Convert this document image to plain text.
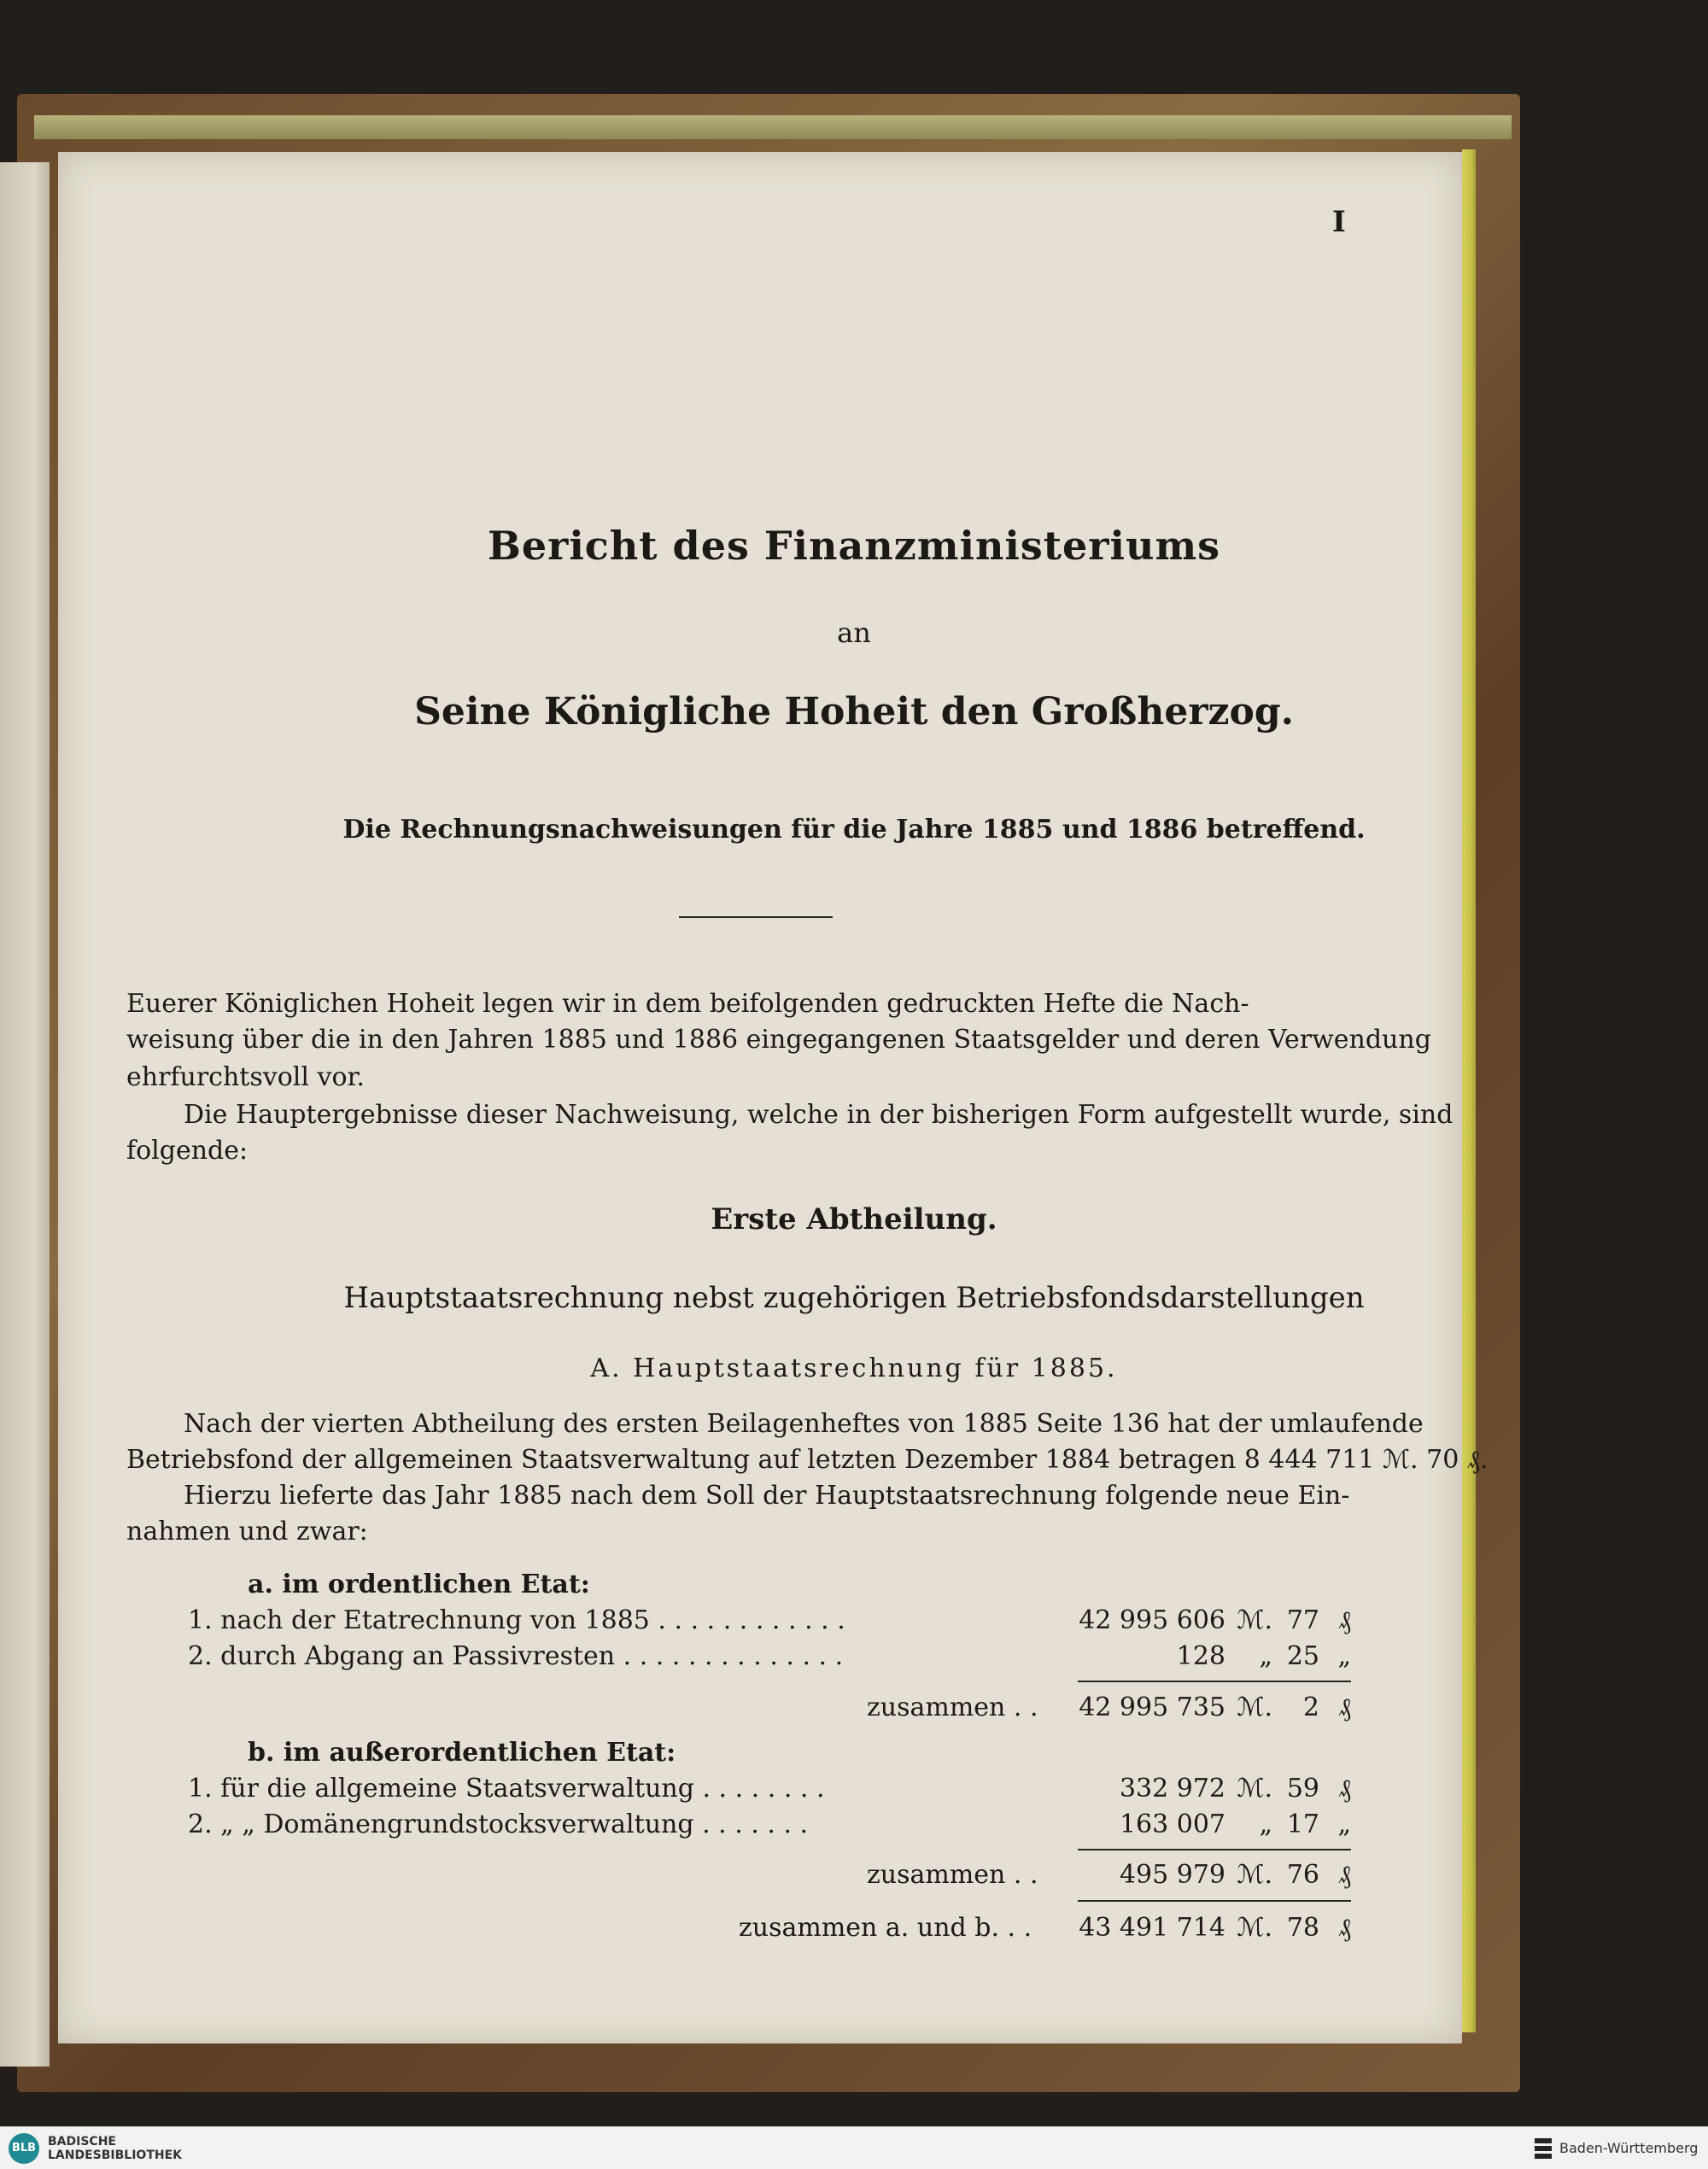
I
Bericht des Finanzministeriums
an
Seine Königliche Hoheit den Großherzog.
Die Rechnungsnachweisungen für die Jahre 1885 und 1886 betreffend.
Euerer Königlichen Hoheit legen wir in dem beifolgenden gedruckten Hefte die Nach-
weisung über die in den Jahren 1885 und 1886 eingegangenen Staatsgelder und deren Verwendung
ehrfurchtsvoll vor.
Die Hauptergebnisse dieser Nachweisung, welche in der bisherigen Form aufgestellt wurde, sind
folgende:
Erste Abtheilung.
Hauptstaatsrechnung nebst zugehörigen Betriebsfondsdarstellungen
A. Hauptstaatsrechnung für 1885.
Nach der vierten Abtheilung des ersten Beilagenheftes von 1885 Seite 136 hat der umlaufende
Betriebsfond der allgemeinen Staatsverwaltung auf letzten Dezember 1884 betragen 8 444 711 ℳ. 70 ₰.
Hierzu lieferte das Jahr 1885 nach dem Soll der Hauptstaatsrechnung folgende neue Ein-
nahmen und zwar:
a. im ordentlichen Etat:
1. nach der Etatrechnung von 1885 . . . . . . . . . . . .	42 995 606 ℳ. 77 ₰
2. durch Abgang an Passivresten . . . . . . . . . . . . . .	128	„ 25 „
zusammen . .	42 995 735 ℳ.	2 ₰
b. im außerordentlichen Etat:
1. für die allgemeine Staatsverwaltung . . . . . . . .	332 972 ℳ. 59 ₰
2. „ „ Domänengrundstocksverwaltung . . . . . . .	163 007	„ 17 „
zusammen . .	495 979 ℳ. 76 ₰
zusammen a. und b. . .	43 491 714 ℳ. 78 ₰
BLB BADISCHE
LANDESBIBLIOTHEK	Baden-Württemberg
